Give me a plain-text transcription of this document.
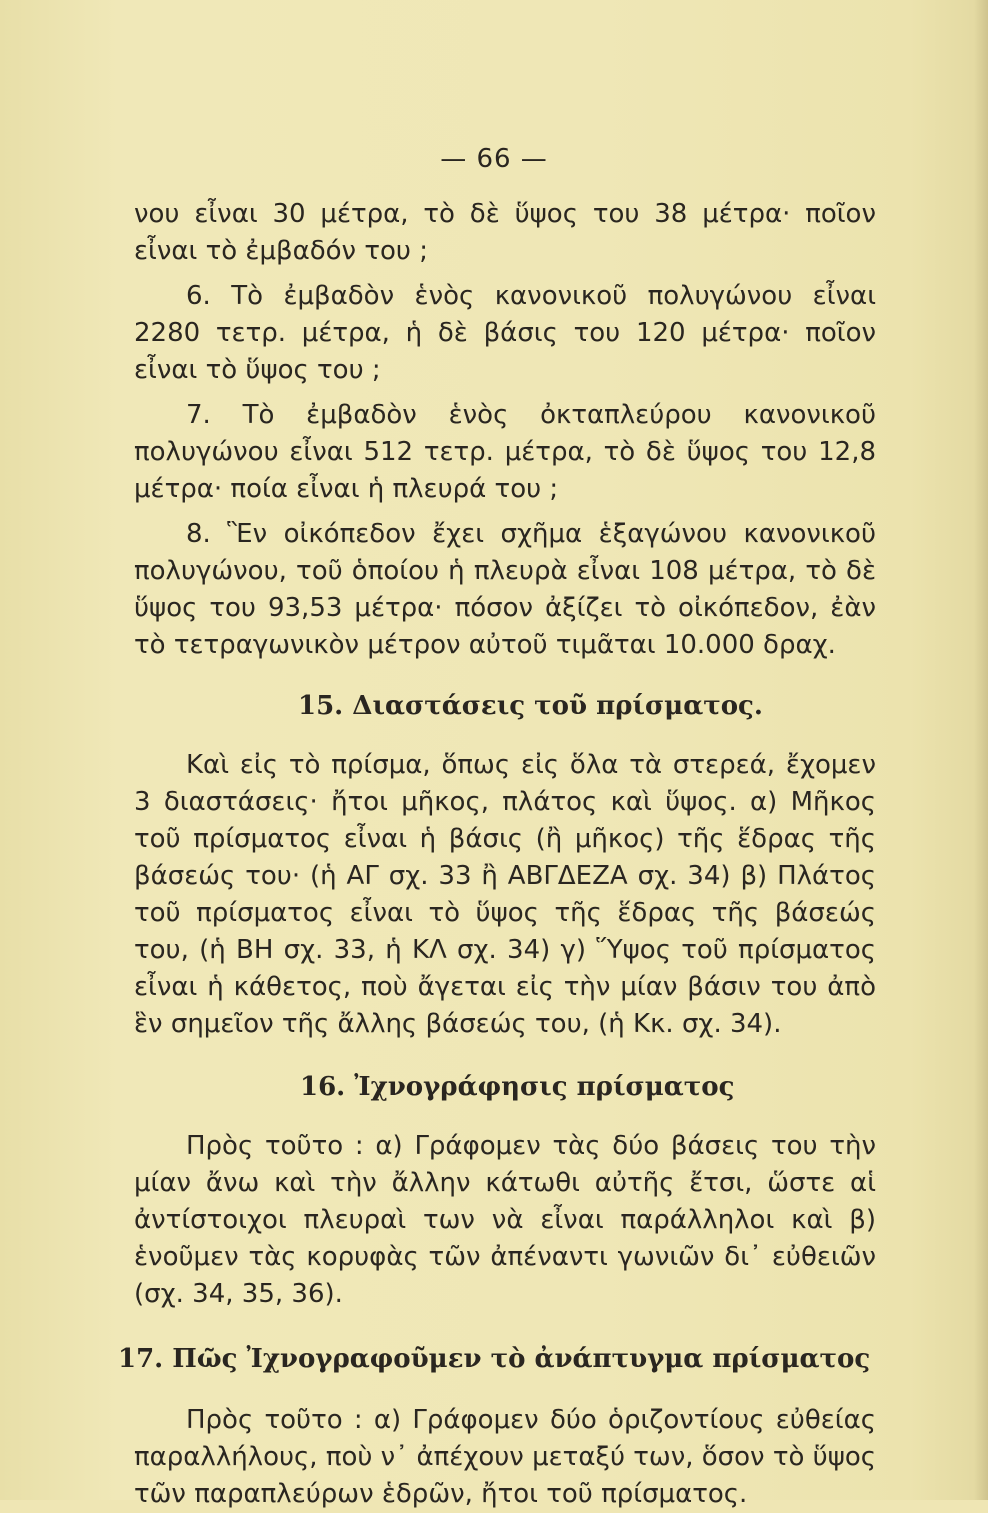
— 66 —

νου εἶναι 30 μέτρα, τὸ δὲ ὕψος του 38 μέτρα· ποῖον εἶναι τὸ ἐμβαδόν του ;

6. Τὸ ἐμβαδὸν ἑνὸς κανονικοῦ πολυγώνου εἶναι 2280 τετρ. μέτρα, ἡ δὲ βάσις του 120 μέτρα· ποῖον εἶναι τὸ ὕψος του ;

7. Τὸ ἐμβαδὸν ἑνὸς ὀκταπλεύρου κανονικοῦ πολυγώνου εἶναι 512 τετρ. μέτρα, τὸ δὲ ὕψος του 12,8 μέτρα· ποία εἶναι ἡ πλευρά του ;

8. Ἓν οἰκόπεδον ἔχει σχῆμα ἑξαγώνου κανονικοῦ πολυγώνου, τοῦ ὁποίου ἡ πλευρὰ εἶναι 108 μέτρα, τὸ δὲ ὕψος του 93,53 μέτρα· πόσον ἀξίζει τὸ οἰκόπεδον, ἐὰν τὸ τετραγωνικὸν μέτρον αὐτοῦ τιμᾶται 10.000 δραχ.

15. Διαστάσεις τοῦ πρίσματος.

Καὶ εἰς τὸ πρίσμα, ὅπως εἰς ὅλα τὰ στερεά, ἔχομεν 3 διαστάσεις· ἤτοι μῆκος, πλάτος καὶ ὕψος. α) Μῆκος τοῦ πρίσματος εἶναι ἡ βάσις (ἢ μῆκος) τῆς ἕδρας τῆς βάσεώς του· (ἡ ΑΓ σχ. 33 ἢ ΑΒΓΔΕΖΑ σχ. 34) β) Πλάτος τοῦ πρίσματος εἶναι τὸ ὕψος τῆς ἕδρας τῆς βάσεώς του, (ἡ ΒΗ σχ. 33, ἡ ΚΛ σχ. 34) γ) Ὕψος τοῦ πρίσματος εἶναι ἡ κάθετος, ποὺ ἄγεται εἰς τὴν μίαν βάσιν του ἀπὸ ἓν σημεῖον τῆς ἄλλης βάσεώς του, (ἡ Κκ. σχ. 34).

16. Ἰχνογράφησις πρίσματος

Πρὸς τοῦτο : α) Γράφομεν τὰς δύο βάσεις του τὴν μίαν ἄνω καὶ τὴν ἄλλην κάτωθι αὐτῆς ἔτσι, ὥστε αἱ ἀντίστοιχοι πλευραὶ των νὰ εἶναι παράλληλοι καὶ β) ἑνοῦμεν τὰς κορυφὰς τῶν ἀπέναντι γωνιῶν δι᾽ εὐθειῶν (σχ. 34, 35, 36).

17. Πῶς Ἰχνογραφοῦμεν τὸ ἀνάπτυγμα πρίσματος

Πρὸς τοῦτο : α) Γράφομεν δύο ὁριζοντίους εὐθείας παραλλήλους, ποὺ ν᾽ ἀπέχουν μεταξύ των, ὅσον τὸ ὕψος τῶν παραπλεύρων ἑδρῶν, ἤτοι τοῦ πρίσματος.
